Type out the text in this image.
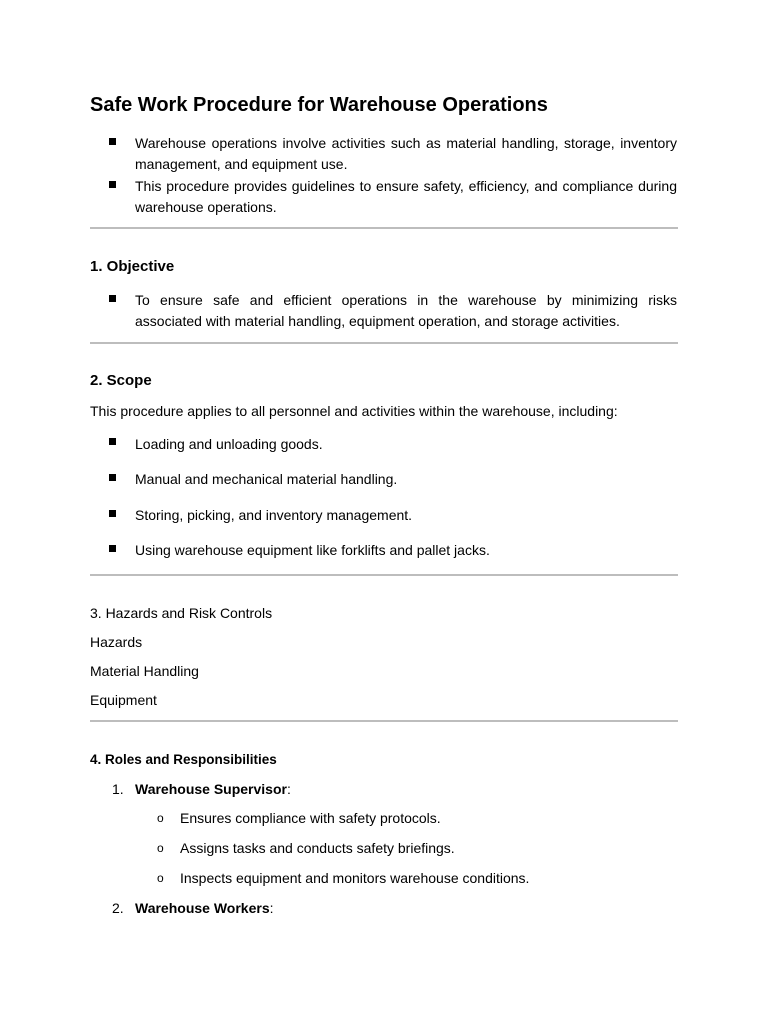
Safe Work Procedure for Warehouse Operations

Warehouse operations involve activities such as material handling, storage, inventory management, and equipment use.

This procedure provides guidelines to ensure safety, efficiency, and compliance during warehouse operations.

1. Objective

To ensure safe and efficient operations in the warehouse by minimizing risks associated with material handling, equipment operation, and storage activities.

2. Scope

This procedure applies to all personnel and activities within the warehouse, including:

Loading and unloading goods.

Manual and mechanical material handling.

Storing, picking, and inventory management.

Using warehouse equipment like forklifts and pallet jacks.

3. Hazards and Risk Controls

Hazards

Material Handling

Equipment

4. Roles and Responsibilities
1. Warehouse Supervisor:

o Ensures compliance with safety protocols.

o Assigns tasks and conducts safety briefings.

o Inspects equipment and monitors warehouse conditions.

2. Warehouse Workers:
